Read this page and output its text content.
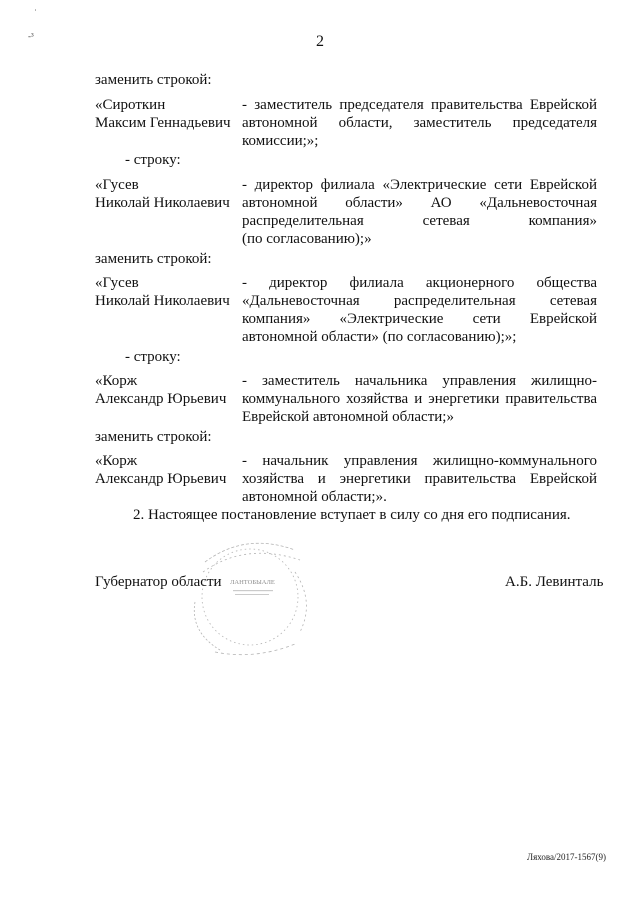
˙
-³	2
заменить строкой:
«Сироткин
Максим Геннадьевич
- заместитель председателя правительства Еврейской
автономной области, заместитель председателя
комиссии;»;
- строку:
«Гусев
Николай Николаевич
- директор филиала «Электрические сети Еврейской
автономной области» АО «Дальневосточная
распределительная сетевая компания»
(по согласованию);»
заменить строкой:
«Гусев
Николай Николаевич
- директор филиала акционерного общества
«Дальневосточная распределительная сетевая
компания» «Электрические сети Еврейской
автономной области» (по согласованию);»;
- строку:
«Корж
Александр Юрьевич
- заместитель начальника управления жилищно-
коммунального хозяйства и энергетики правительства
Еврейской автономной области;»
заменить строкой:
«Корж
Александр Юрьевич
- начальник управления жилищно-коммунального
хозяйства и энергетики правительства Еврейской
автономной области;».
2. Настоящее постановление вступает в силу со дня его подписания.
ЛАНТОБЫАЛЕ
Губернатор области	А.Б. Левинталь
Ляхова/2017-1567(9)
